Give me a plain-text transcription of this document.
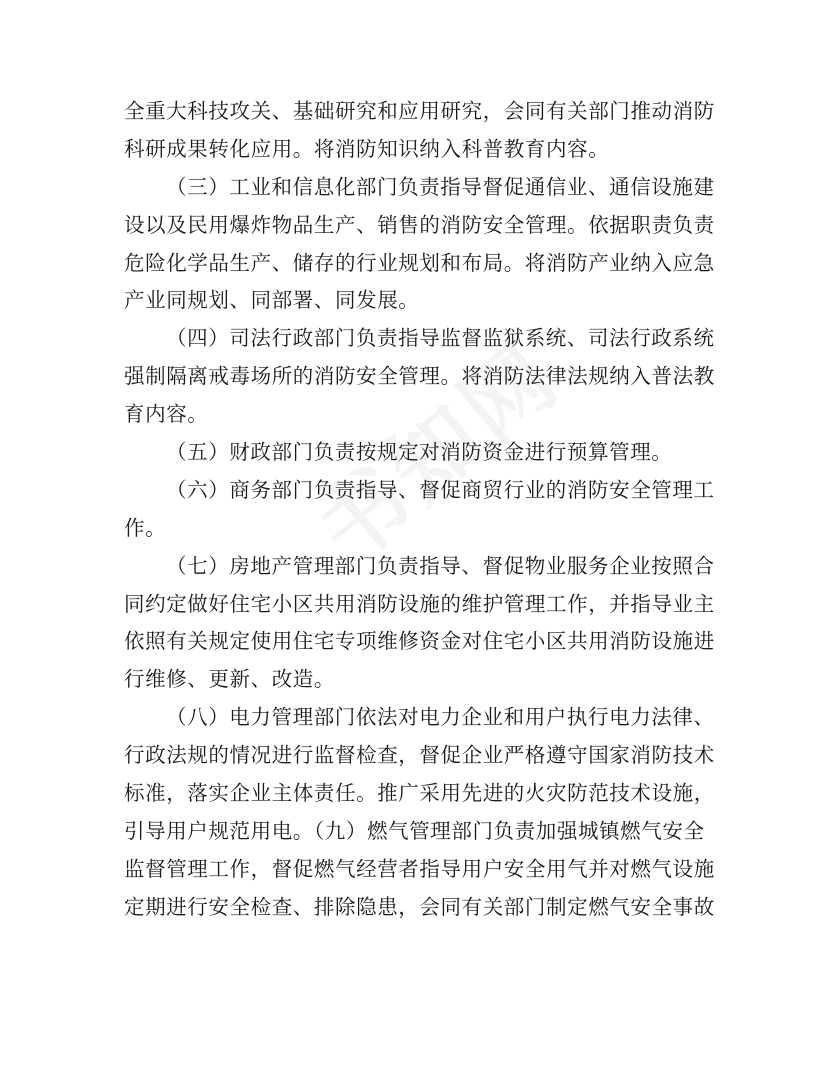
全重大科技攻关、基础研究和应用研究，会同有关部门推动消防
科研成果转化应用。将消防知识纳入科普教育内容。
（三）工业和信息化部门负责指导督促通信业、通信设施建
设以及民用爆炸物品生产、销售的消防安全管理。依据职责负责
危险化学品生产、储存的行业规划和布局。将消防产业纳入应急
产业同规划、同部署、同发展。
（四）司法行政部门负责指导监督监狱系统、司法行政系统
强制隔离戒毒场所的消防安全管理。将消防法律法规纳入普法教
育内容。
（五）财政部门负责按规定对消防资金进行预算管理。
（六）商务部门负责指导、督促商贸行业的消防安全管理工
作。
（七）房地产管理部门负责指导、督促物业服务企业按照合
同约定做好住宅小区共用消防设施的维护管理工作，并指导业主
依照有关规定使用住宅专项维修资金对住宅小区共用消防设施进
行维修、更新、改造。
（八）电力管理部门依法对电力企业和用户执行电力法律、
行政法规的情况进行监督检查，督促企业严格遵守国家消防技术
标准，落实企业主体责任。推广采用先进的火灾防范技术设施，
引导用户规范用电。（九）燃气管理部门负责加强城镇燃气安全
监督管理工作，督促燃气经营者指导用户安全用气并对燃气设施
定期进行安全检查、排除隐患，会同有关部门制定燃气安全事故
